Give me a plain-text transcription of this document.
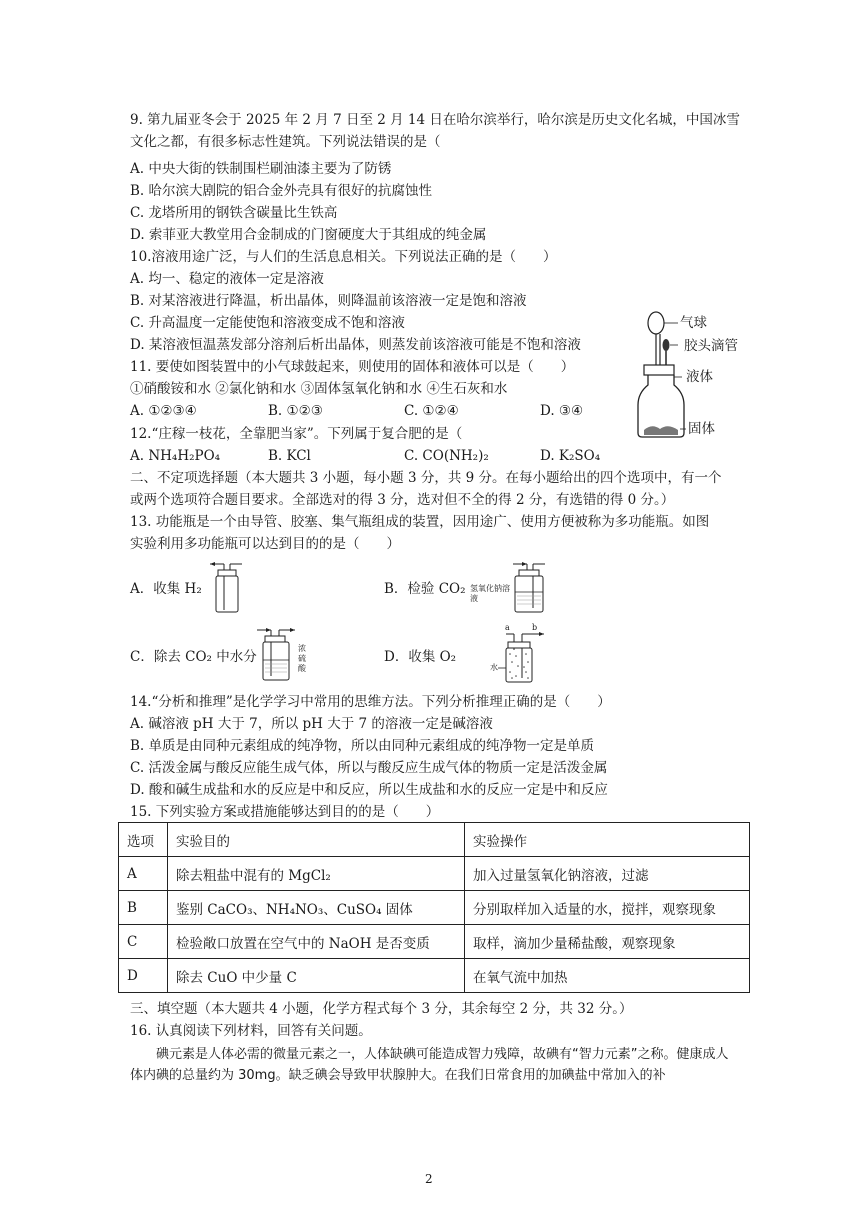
9. 第九届亚冬会于 2025 年 2 月 7 日至 2 月 14 日在哈尔滨举行，哈尔滨是历史文化名城，中国冰雪
文化之都，有很多标志性建筑。下列说法错误的是（
A. 中央大街的铁制围栏刷油漆主要为了防锈
B. 哈尔滨大剧院的铝合金外壳具有很好的抗腐蚀性
C. 龙塔所用的钢铁含碳量比生铁高
D. 索菲亚大教堂用合金制成的门窗硬度大于其组成的纯金属
10.溶液用途广泛，与人们的生活息息相关。下列说法正确的是（　　）
A. 均一、稳定的液体一定是溶液
B. 对某溶液进行降温，析出晶体，则降温前该溶液一定是饱和溶液
C. 升高温度一定能使饱和溶液变成不饱和溶液
D. 某溶液恒温蒸发部分溶剂后析出晶体，则蒸发前该溶液可能是不饱和溶液
11. 要使如图装置中的小气球鼓起来，则使用的固体和液体可以是（　　）
①硝酸铵和水 ②氯化钠和水 ③固体氢氧化钠和水 ④生石灰和水
A. ①②③④	B. ①②③	C. ①②④	D. ③④
气球
胶头滴管
液体
固体
12.“庄稼一枝花，全靠肥当家”。下列属于复合肥的是（
A. NH₄H₂PO₄	B. KCl	C. CO(NH₂)₂	D. K₂SO₄
二、不定项选择题（本大题共 3 小题，每小题 3 分，共 9 分。在每小题给出的四个选项中，有一个
或两个选项符合题目要求。全部选对的得 3 分，选对但不全的得 2 分，有选错的得 0 分。）
13. 功能瓶是一个由导管、胶塞、集气瓶组成的装置，因用途广、使用方便被称为多功能瓶。如图
实验利用多功能瓶可以达到目的的是（　　）
A．收集 H₂	B．检验 CO₂ 氢氧化钠溶液
C．除去 CO₂ 中水分
浓硫酸
D．收集 O₂
a	b
水
14.“分析和推理”是化学学习中常用的思维方法。下列分析推理正确的是（　　）
A. 碱溶液 pH 大于 7，所以 pH 大于 7 的溶液一定是碱溶液
B. 单质是由同种元素组成的纯净物，所以由同种元素组成的纯净物一定是单质
C. 活泼金属与酸反应能生成气体，所以与酸反应生成气体的物质一定是活泼金属
D. 酸和碱生成盐和水的反应是中和反应，所以生成盐和水的反应一定是中和反应
15. 下列实验方案或措施能够达到目的的是（　　）
选项	实验目的	实验操作
A	除去粗盐中混有的 MgCl₂	加入过量氢氧化钠溶液，过滤
B	鉴别 CaCO₃、NH₄NO₃、CuSO₄ 固体	分别取样加入适量的水，搅拌，观察现象
C	检验敞口放置在空气中的 NaOH 是否变质	取样，滴加少量稀盐酸，观察现象
D	除去 CuO 中少量 C	在氧气流中加热
三、填空题（本大题共 4 小题，化学方程式每个 3 分，其余每空 2 分，共 32 分。）
16. 认真阅读下列材料，回答有关问题。
碘元素是人体必需的微量元素之一，人体缺碘可能造成智力残障，故碘有“智力元素”之称。健康成人体内碘的总量约为 30mg。缺乏碘会导致甲状腺肿大。在我们日常食用的加碘盐中常加入的补
2
